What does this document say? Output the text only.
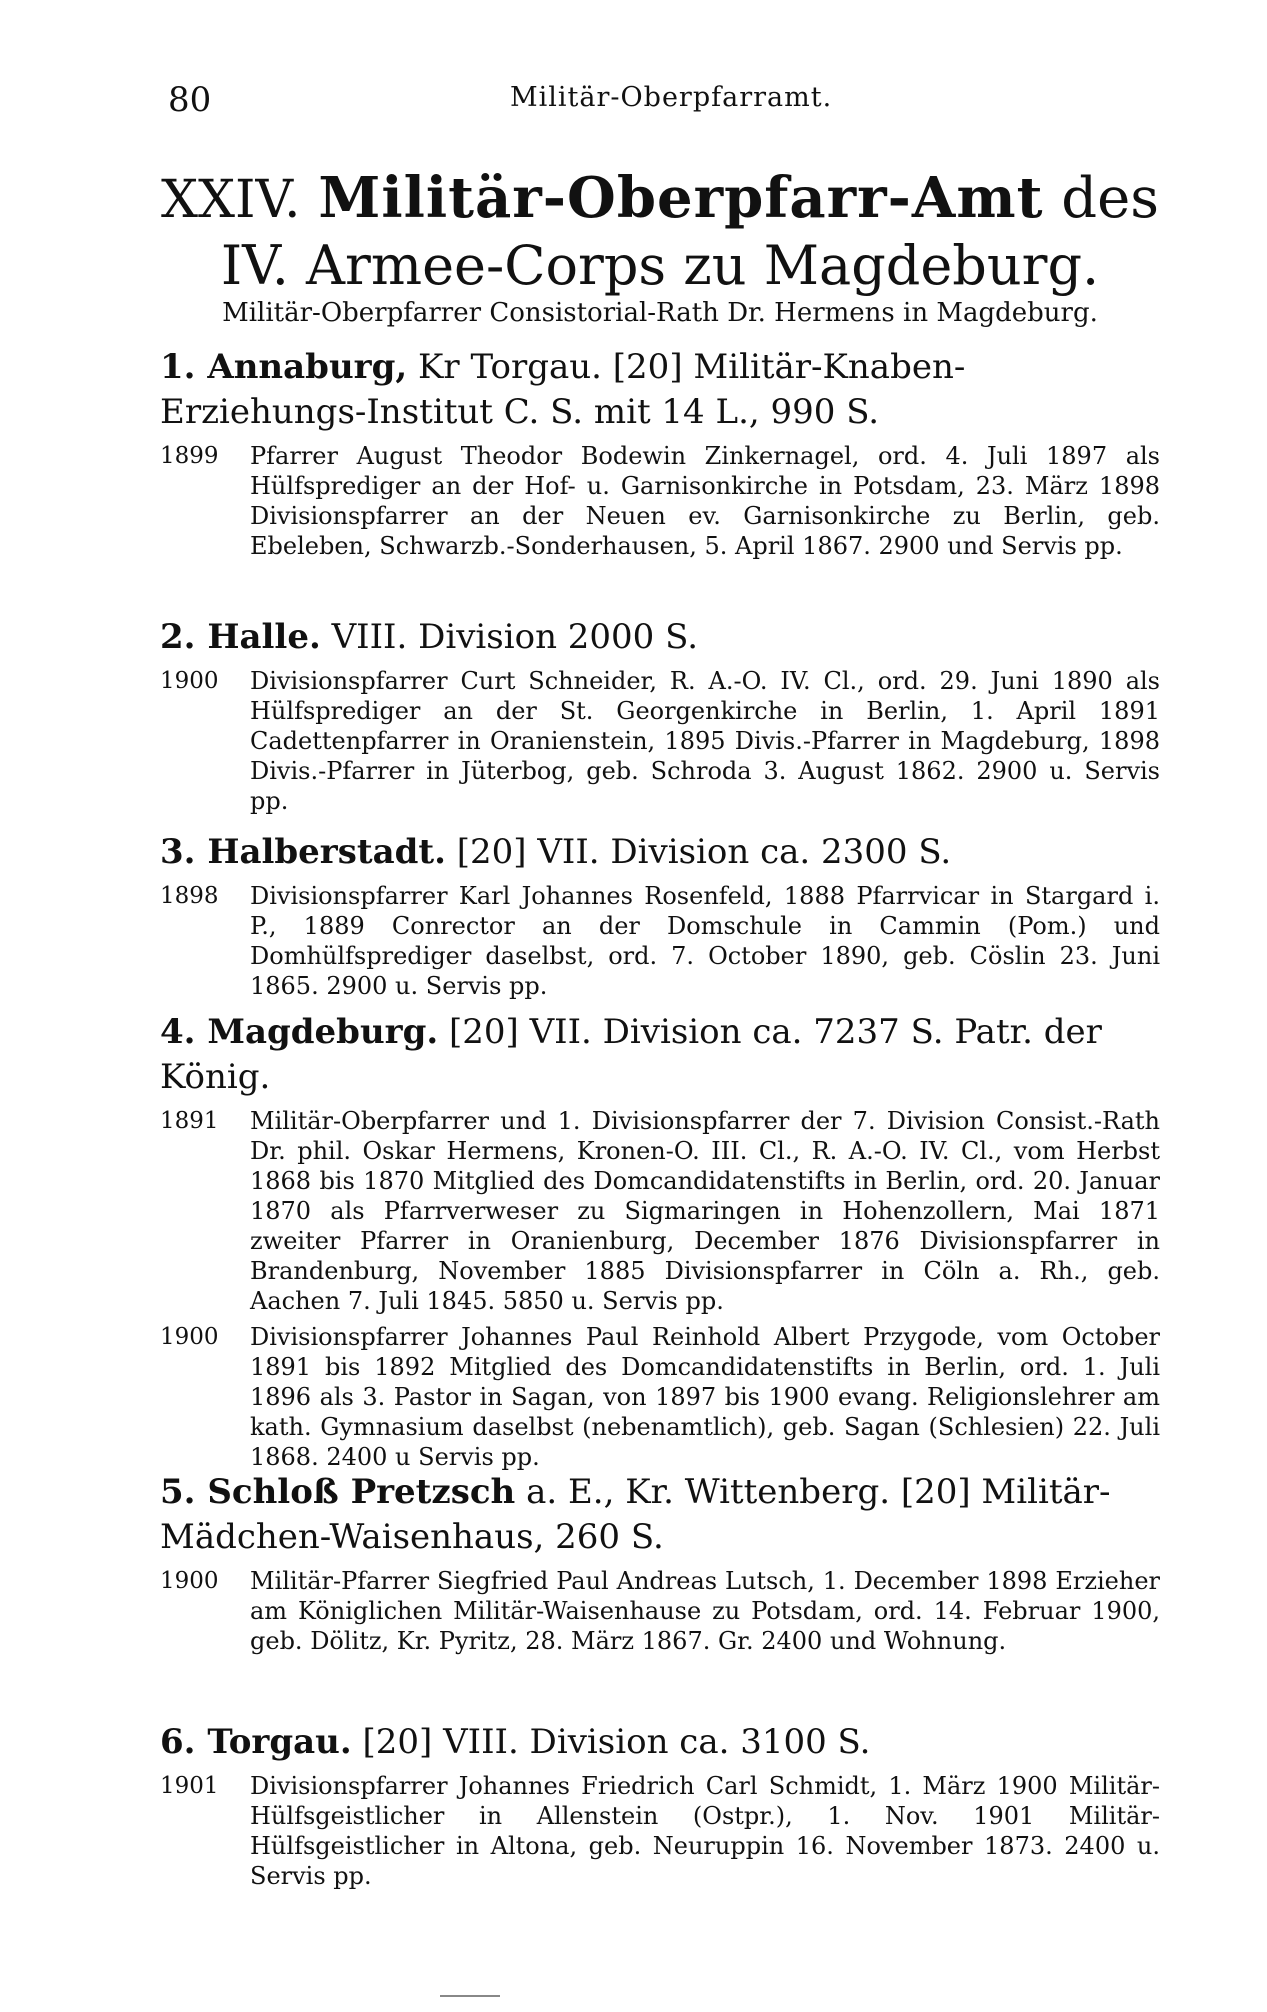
80	Militär-Oberpfarramt.
XXIV. Militär-Oberpfarr-Amt des
IV. Armee-Corps zu Magdeburg.
Militär-Oberpfarrer Consistorial-Rath Dr. Hermens in Magdeburg.

1. Annaburg, Kr Torgau. [20] Militär-Knaben-Erziehungs-Institut C. S. mit 14 L., 990 S.

1899	Pfarrer August Theodor Bodewin Zinkernagel, ord. 4. Juli 1897 als Hülfsprediger an der Hof- u. Garnisonkirche in Potsdam, 23. März 1898 Divisionspfarrer an der Neuen ev. Garnisonkirche zu Berlin, geb. Ebeleben, Schwarzb.-Sonderhausen, 5. April 1867. 2900 und Servis pp.

2. Halle. VIII. Division 2000 S.

1900	Divisionspfarrer Curt Schneider, R. A.-O. IV. Cl., ord. 29. Juni 1890 als Hülfsprediger an der St. Georgenkirche in Berlin, 1. April 1891 Cadettenpfarrer in Oranienstein, 1895 Divis.-Pfarrer in Magdeburg, 1898 Divis.-Pfarrer in Jüterbog, geb. Schroda 3. August 1862. 2900 u. Servis pp.

3. Halberstadt. [20] VII. Division ca. 2300 S.

1898	Divisionspfarrer Karl Johannes Rosenfeld, 1888 Pfarrvicar in Stargard i. P., 1889 Conrector an der Domschule in Cammin (Pom.) und Domhülfsprediger daselbst, ord. 7. October 1890, geb. Cöslin 23. Juni 1865. 2900 u. Servis pp.

4. Magdeburg. [20] VII. Division ca. 7237 S. Patr. der König.

1891	Militär-Oberpfarrer und 1. Divisionspfarrer der 7. Division Consist.-Rath Dr. phil. Oskar Hermens, Kronen-O. III. Cl., R. A.-O. IV. Cl., vom Herbst 1868 bis 1870 Mitglied des Domcandidatenstifts in Berlin, ord. 20. Januar 1870 als Pfarrverweser zu Sigmaringen in Hohenzollern, Mai 1871 zweiter Pfarrer in Oranienburg, December 1876 Divisionspfarrer in Brandenburg, November 1885 Divisionspfarrer in Cöln a. Rh., geb. Aachen 7. Juli 1845. 5850 u. Servis pp.
1900	Divisionspfarrer Johannes Paul Reinhold Albert Przygode, vom October 1891 bis 1892 Mitglied des Domcandidatenstifts in Berlin, ord. 1. Juli 1896 als 3. Pastor in Sagan, von 1897 bis 1900 evang. Religionslehrer am kath. Gymnasium daselbst (nebenamtlich), geb. Sagan (Schlesien) 22. Juli 1868. 2400 u Servis pp.

5. Schloß Pretzsch a. E., Kr. Wittenberg. [20] Militär-Mädchen-Waisenhaus, 260 S.

1900	Militär-Pfarrer Siegfried Paul Andreas Lutsch, 1. December 1898 Erzieher am Königlichen Militär-Waisenhause zu Potsdam, ord. 14. Februar 1900, geb. Dölitz, Kr. Pyritz, 28. März 1867. Gr. 2400 und Wohnung.

6. Torgau. [20] VIII. Division ca. 3100 S.

1901	Divisionspfarrer Johannes Friedrich Carl Schmidt, 1. März 1900 Militär-Hülfsgeistlicher in Allenstein (Ostpr.), 1. Nov. 1901 Militär-Hülfsgeistlicher in Altona, geb. Neuruppin 16. November 1873. 2400 u. Servis pp.
